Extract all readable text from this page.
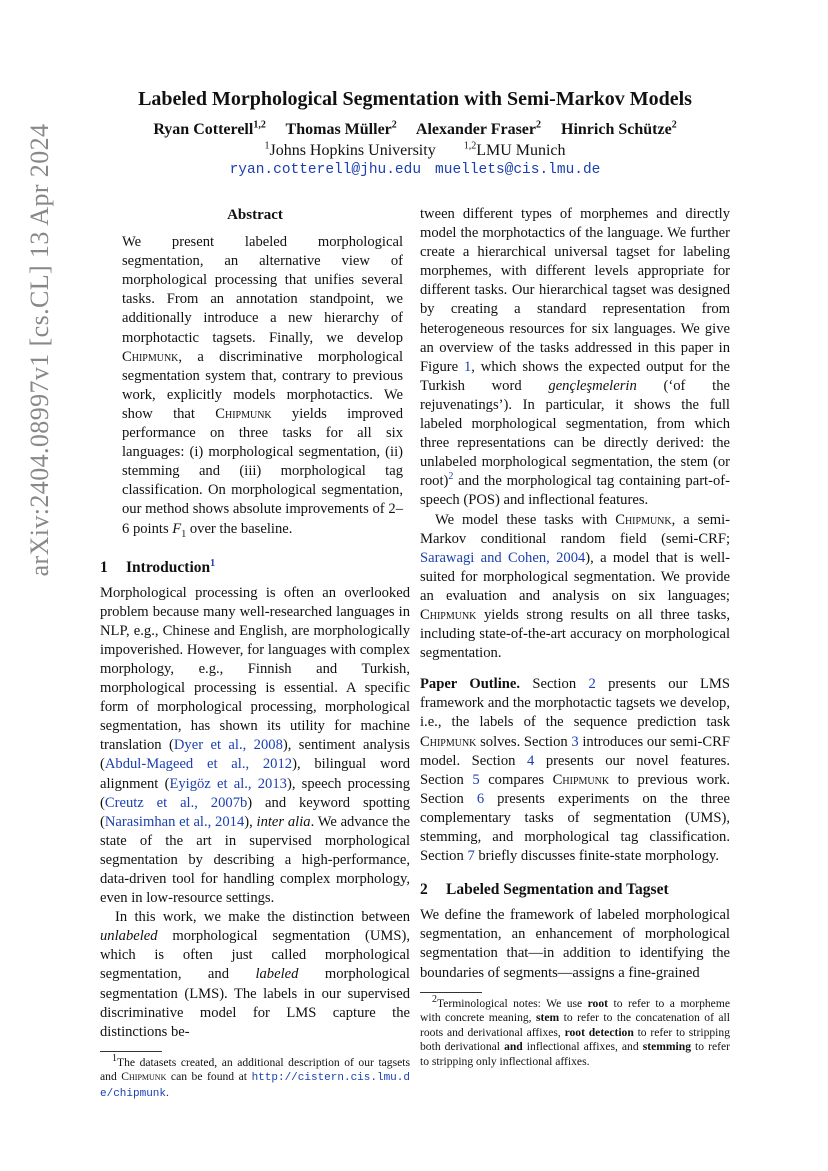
arXiv:2404.08997v1 [cs.CL] 13 Apr 2024
Labeled Morphological Segmentation with Semi-Markov Models
Ryan Cotterell$^{1,2}$ Thomas Müller$^2$ Alexander Fraser$^2$ Hinrich Schütze$^2$
$^1$Johns Hopkins University	$^{1,2}$LMU Munich
ryan.cotterell@jhu.edu muellets@cis.lmu.de
Abstract
We present labeled morphological segmentation, an alternative view of morphological processing that unifies several tasks. From an annotation standpoint, we additionally introduce a new hierarchy of morphotactic tagsets. Finally, we develop Chipmunk, a discriminative morphological segmentation system that, contrary to previous work, explicitly models morphotactics. We show that Chipmunk yields improved performance on three tasks for all six languages: (i) morphological segmentation, (ii) stemming and (iii) morphological tag classification. On morphological segmentation, our method shows absolute improvements of 2–6 points $F_1$ over the baseline.
1 Introduction$^1$

Morphological processing is often an overlooked problem because many well-researched languages in NLP, e.g., Chinese and English, are morphologically impoverished. However, for languages with complex morphology, e.g., Finnish and Turkish, morphological processing is essential. A specific form of morphological processing, morphological segmentation, has shown its utility for machine translation (Dyer et al., 2008), sentiment analysis (Abdul-Mageed et al., 2012), bilingual word alignment (Eyigöz et al., 2013), speech processing (Creutz et al., 2007b) and keyword spotting (Narasimhan et al., 2014), inter alia. We advance the state of the art in supervised morphological segmentation by describing a high-performance, data-driven tool for handling complex morphology, even in low-resource settings.

In this work, we make the distinction between unlabeled morphological segmentation (UMS), which is often just called morphological segmentation, and labeled morphological segmentation (LMS). The labels in our supervised discriminative model for LMS capture the distinctions be-

$^1$The datasets created, an additional description of our tagsets and Chipmunk can be found at http://cistern.cis.lmu.de/chipmunk.

tween different types of morphemes and directly model the morphotactics of the language. We further create a hierarchical universal tagset for labeling morphemes, with different levels appropriate for different tasks. Our hierarchical tagset was designed by creating a standard representation from heterogeneous resources for six languages. We give an overview of the tasks addressed in this paper in Figure 1, which shows the expected output for the Turkish word gençleşmelerin (‘of the rejuvenatings’). In particular, it shows the full labeled morphological segmentation, from which three representations can be directly derived: the unlabeled morphological segmentation, the stem (or root)$^2$ and the morphological tag containing part-of-speech (POS) and inflectional features.

We model these tasks with Chipmunk, a semi-Markov conditional random field (semi-CRF; Sarawagi and Cohen, 2004), a model that is well-suited for morphological segmentation. We provide an evaluation and analysis on six languages; Chipmunk yields strong results on all three tasks, including state-of-the-art accuracy on morphological segmentation.

Paper Outline. Section 2 presents our LMS framework and the morphotactic tagsets we develop, i.e., the labels of the sequence prediction task Chipmunk solves. Section 3 introduces our semi-CRF model. Section 4 presents our novel features. Section 5 compares Chipmunk to previous work. Section 6 presents experiments on the three complementary tasks of segmentation (UMS), stemming, and morphological tag classification. Section 7 briefly discusses finite-state morphology.

2 Labeled Segmentation and Tagset

We define the framework of labeled morphological segmentation, an enhancement of morphological segmentation that—in addition to identifying the boundaries of segments—assigns a fine-grained

$^2$Terminological notes: We use root to refer to a morpheme with concrete meaning, stem to refer to the concatenation of all roots and derivational affixes, root detection to refer to stripping both derivational and inflectional affixes, and stemming to refer to stripping only inflectional affixes.
